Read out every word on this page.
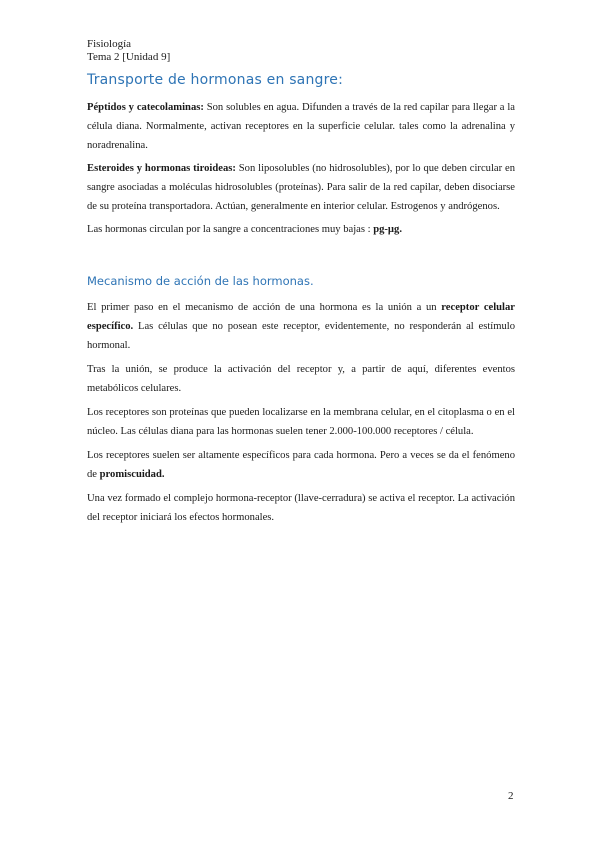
Fisiología
Tema 2 [Unidad 9]
Transporte de hormonas en sangre:

Péptidos y catecolaminas: Son solubles en agua. Difunden a través de la red capilar para llegar a la célula diana. Normalmente, activan receptores en la superficie celular. tales como la adrenalina y noradrenalina.

Esteroides y hormonas tiroideas: Son liposolubles (no hidrosolubles), por lo que deben circular en sangre asociadas a moléculas hidrosolubles (proteínas). Para salir de la red capilar, deben disociarse de su proteína transportadora. Actúan, generalmente en interior celular. Estrogenos y andrógenos.

Las hormonas circulan por la sangre a concentraciones muy bajas : pg-µg.

Mecanismo de acción de las hormonas.

El primer paso en el mecanismo de acción de una hormona es la unión a un receptor celular específico. Las células que no posean este receptor, evidentemente, no responderán al estímulo hormonal.

Tras la unión, se produce la activación del receptor y, a partir de aquí, diferentes eventos metabólicos celulares.

Los receptores son proteínas que pueden localizarse en la membrana celular, en el citoplasma o en el núcleo. Las células diana para las hormonas suelen tener 2.000-100.000 receptores / célula.

Los receptores suelen ser altamente específicos para cada hormona. Pero a veces se da el fenómeno de promiscuidad.

Una vez formado el complejo hormona-receptor (llave-cerradura) se activa el receptor. La activación del receptor iniciará los efectos hormonales.

2
